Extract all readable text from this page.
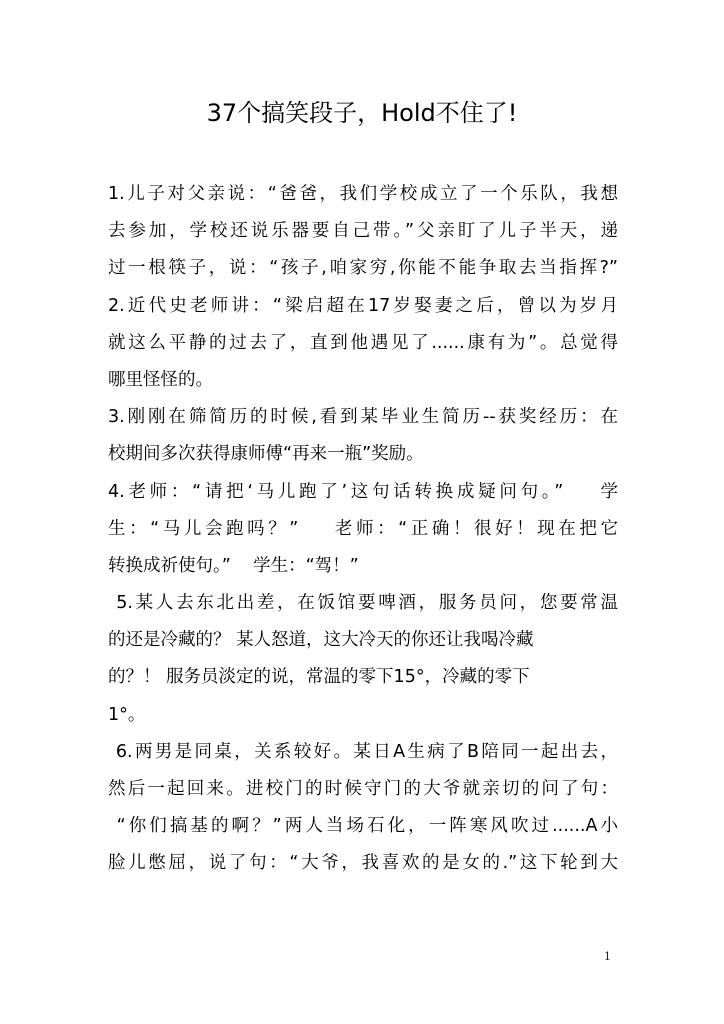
37个搞笑段子，Hold不住了!
1.儿子对父亲说：“爸爸，我们学校成立了一个乐队，我想
去参加，学校还说乐器要自己带。”父亲盯了儿子半天，递
过一根筷子，说：“孩子,咱家穷,你能不能争取去当指挥?”
2.近代史老师讲：“梁启超在17岁娶妻之后，曾以为岁月
就这么平静的过去了，直到他遇见了......康有为”。总觉得
哪里怪怪的。
3.刚刚在筛简历的时候,看到某毕业生简历--获奖经历：在
校期间多次获得康师傅“再来一瓶”奖励。
4.老师：“请把‘马儿跑了’这句话转换成疑问句。”    学
生：“马儿会跑吗？”    老师：“正确！很好！现在把它
转换成祈使句。”    学生：“驾！”
5.某人去东北出差，在饭馆要啤酒，服务员问，您要常温
的还是冷藏的？ 某人怒道，这大冷天的你还让我喝冷藏
的？！ 服务员淡定的说，常温的零下15°，冷藏的零下
1°。
6.两男是同桌，关系较好。某日A生病了B陪同一起出去，
然后一起回来。进校门的时候守门的大爷就亲切的问了句：
“你们搞基的啊？”两人当场石化，一阵寒风吹过......A小
脸儿憋屈，说了句：“大爷，我喜欢的是女的.”这下轮到大
1
